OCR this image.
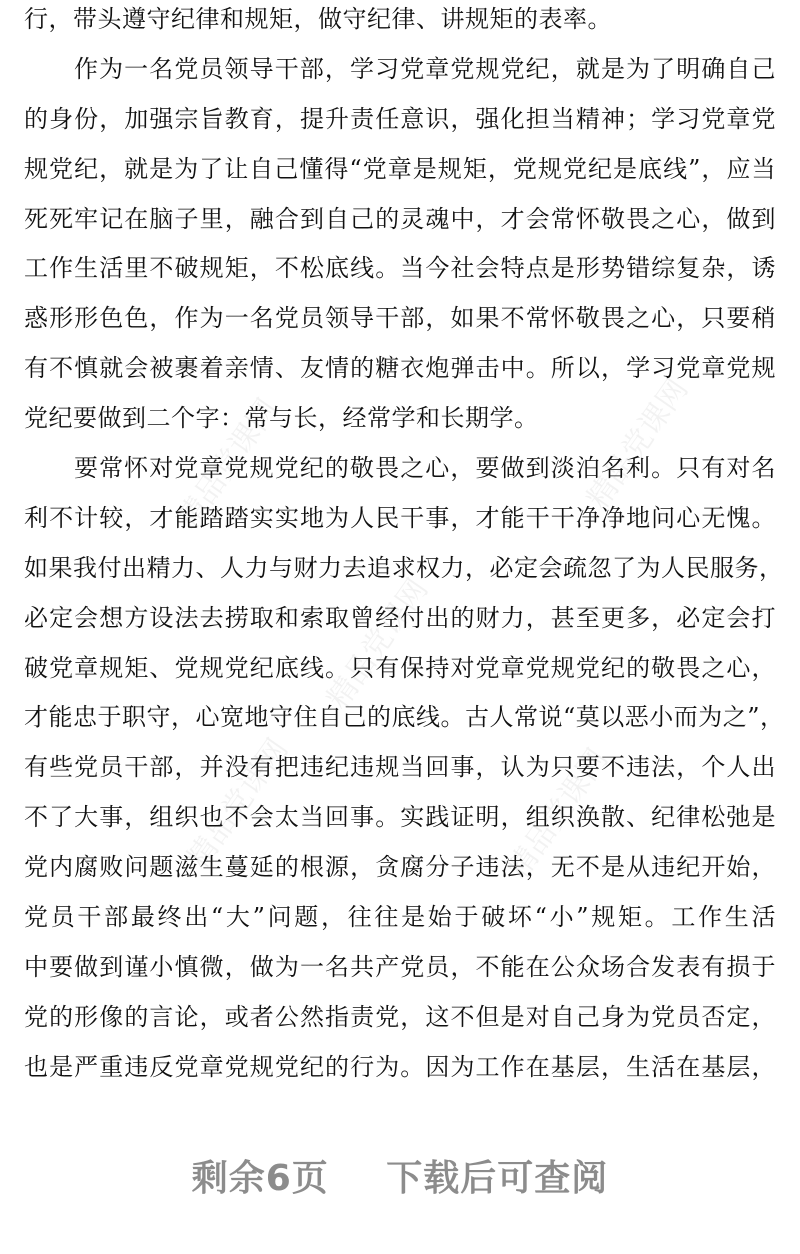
精品党课网	精品党课网
精品党课网
精品党课网	精品党课网
行，带头遵守纪律和规矩，做守纪律、讲规矩的表率。
作为一名党员领导干部，学习党章党规党纪，就是为了明确自己
的身份，加强宗旨教育，提升责任意识，强化担当精神；学习党章党
规党纪，就是为了让自己懂得“党章是规矩，党规党纪是底线”，应当
死死牢记在脑子里，融合到自己的灵魂中，才会常怀敬畏之心，做到
工作生活里不破规矩，不松底线。当今社会特点是形势错综复杂，诱
惑形形色色，作为一名党员领导干部，如果不常怀敬畏之心，只要稍
有不慎就会被裹着亲情、友情的糖衣炮弹击中。所以，学习党章党规
党纪要做到二个字：常与长，经常学和长期学。
要常怀对党章党规党纪的敬畏之心，要做到淡泊名利。只有对名
利不计较，才能踏踏实实地为人民干事，才能干干净净地问心无愧。
如果我付出精力、人力与财力去追求权力，必定会疏忽了为人民服务，
必定会想方设法去捞取和索取曾经付出的财力，甚至更多，必定会打
破党章规矩、党规党纪底线。只有保持对党章党规党纪的敬畏之心，
才能忠于职守，心宽地守住自己的底线。古人常说“莫以恶小而为之”，
有些党员干部，并没有把违纪违规当回事，认为只要不违法，个人出
不了大事，组织也不会太当回事。实践证明，组织涣散、纪律松弛是
党内腐败问题滋生蔓延的根源，贪腐分子违法，无不是从违纪开始，
党员干部最终出“大”问题，往往是始于破坏“小”规矩。工作生活
中要做到谨小慎微，做为一名共产党员，不能在公众场合发表有损于
党的形像的言论，或者公然指责党，这不但是对自己身为党员否定，
也是严重违反党章党规党纪的行为。因为工作在基层，生活在基层，
剩余6页 下载后可查阅
